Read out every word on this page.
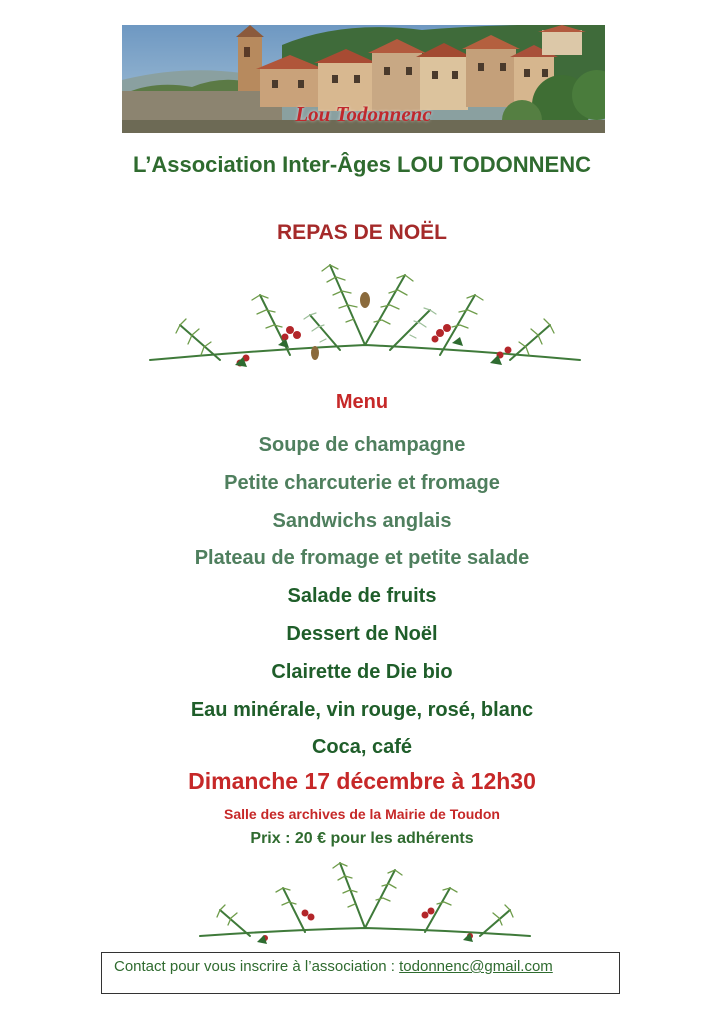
Lou Todonnenc
L’Association Inter-Âges LOU TODONNENC
REPAS DE NOËL
Menu
Soupe de champagne
Petite charcuterie et fromage
Sandwichs anglais
Plateau de fromage et petite salade
Salade de fruits
Dessert de Noël
Clairette de Die bio
Eau minérale, vin rouge, rosé, blanc
Coca, café
Dimanche 17 décembre à 12h30
Salle des archives de la Mairie de Toudon
Prix : 20 € pour les adhérents
Contact pour vous inscrire à l’association : todonnenc@gmail.com
